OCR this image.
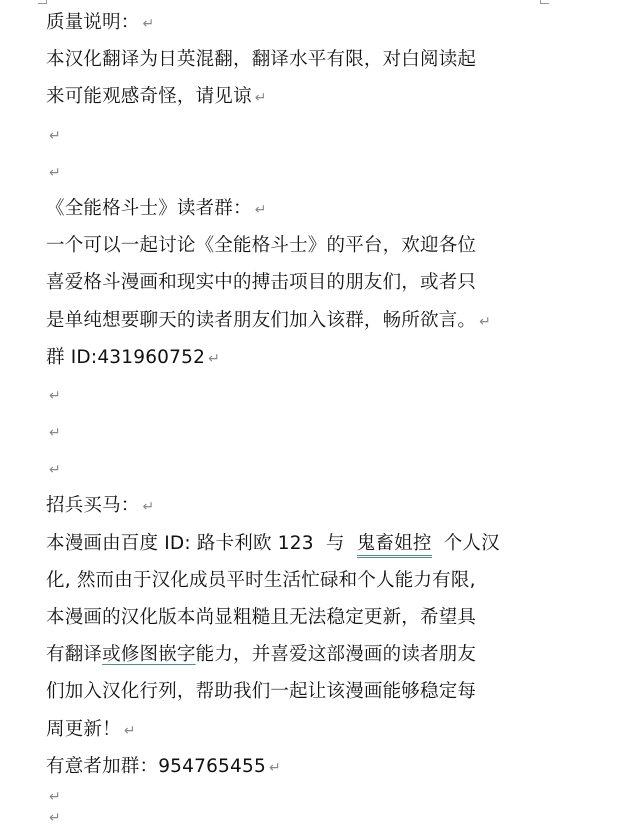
质量说明： ↵
本汉化翻译为日英混翻，翻译水平有限，对白阅读起
来可能观感奇怪，请见谅 ↵
↵
↵
《全能格斗士》读者群： ↵
一个可以一起讨论《全能格斗士》的平台，欢迎各位
喜爱格斗漫画和现实中的搏击项目的朋友们，或者只
是单纯想要聊天的读者朋友们加入该群，畅所欲言。 ↵
群 ID:431960752 ↵
↵
↵
↵
招兵买马： ↵
本漫画由百度 ID: 路卡利欧 123  与  鬼畜姐控  个人汉
化, 然而由于汉化成员平时生活忙碌和个人能力有限,
本漫画的汉化版本尚显粗糙且无法稳定更新，希望具
有翻译或修图嵌字能力，并喜爱这部漫画的读者朋友
们加入汉化行列，帮助我们一起让该漫画能够稳定每
周更新！ ↵
有意者加群：954765455 ↵
↵
↵
